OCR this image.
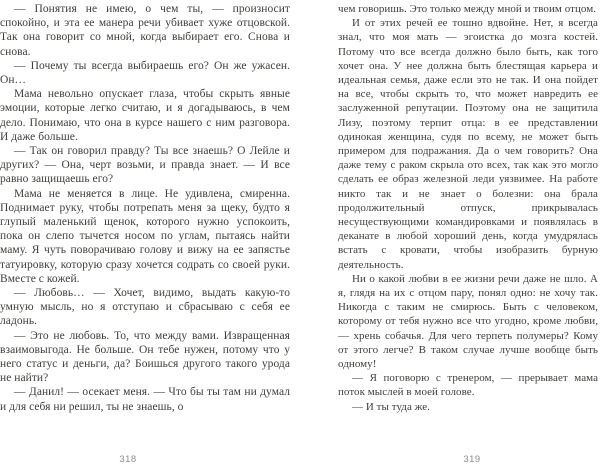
— Понятия не имею, о чем ты, — произносит спокойно, и эта ее манера речи убивает хуже отцовской. Так она говорит со мной, когда выбирает его. Снова и снова.

— Почему ты всегда выбираешь его? Он же ужасен. Он…

Мама невольно опускает глаза, чтобы скрыть явные эмоции, которые легко считаю, и я догадываюсь, в чем дело. Понимаю, что она в курсе нашего с ним разговора. И даже больше.

— Так он говорил правду? Ты все знаешь? О Лейле и других? — Она, черт возьми, и правда знает. — И все равно защищаешь его?

Мама не меняется в лице. Не удивлена, смиренна. Поднимает руку, чтобы потрепать меня за щеку, будто я глупый маленький щенок, которого нужно успокоить, пока он слепо тычется носом по углам, пытаясь найти маму. Я чуть поворачиваю голову и вижу на ее запястье татуировку, которую сразу хочется содрать со своей руки. Вместе с кожей.

— Любовь… — Хочет, видимо, выдать какую-то умную мысль, но я отступаю и сбрасываю с себя ее ладонь.

— Это не любовь. То, что между вами. Извращенная взаимовыгода. Не больше. Он тебе нужен, потому что у него статус и деньги, да? Боишься другого такого урода не найти?

— Данил! — осекает меня. — Что бы ты там ни думал и для себя ни решил, ты не знаешь, о

318

чем говоришь. Это только между мной и твоим отцом.

И от этих речей ее тошно вдвойне. Нет, я всегда знал, что моя мать — эгоистка до мозга костей. Потому что все всегда должно было быть, как того хочет она. У нее должна быть блестящая карьера и идеальная семья, даже если это не так. И она пойдет на все, чтобы скрыть то, что может навредить ее заслуженной репутации. Поэтому она не защитила Лизу, поэтому терпит отца: в ее представлении одинокая женщина, судя по всему, не может быть примером для подражания. Да о чем говорить? Она даже тему с раком скрыла ото всех, так как это могло сделать ее образ железной леди уязвимее. На работе никто так и не знает о болезни: она брала продолжительный отпуск, прикрывалась несуществующими командировками и появлялась в деканате в любой хороший день, когда умудрялась встать с кровати, чтобы изобразить бурную деятельность.

Ни о какой любви в ее жизни речи даже не шло. А я, глядя на их с отцом пару, понял одно: не хочу так. Никогда с таким не смирюсь. Быть с человеком, которому от тебя нужно все что угодно, кроме любви, — хрень собачья. Для чего терпеть полумеры? Кому от этого легче? В таком случае лучше вообще быть одному!

— Я поговорю с тренером, — прерывает мама поток мыслей в моей голове.

— И ты туда же.

319
